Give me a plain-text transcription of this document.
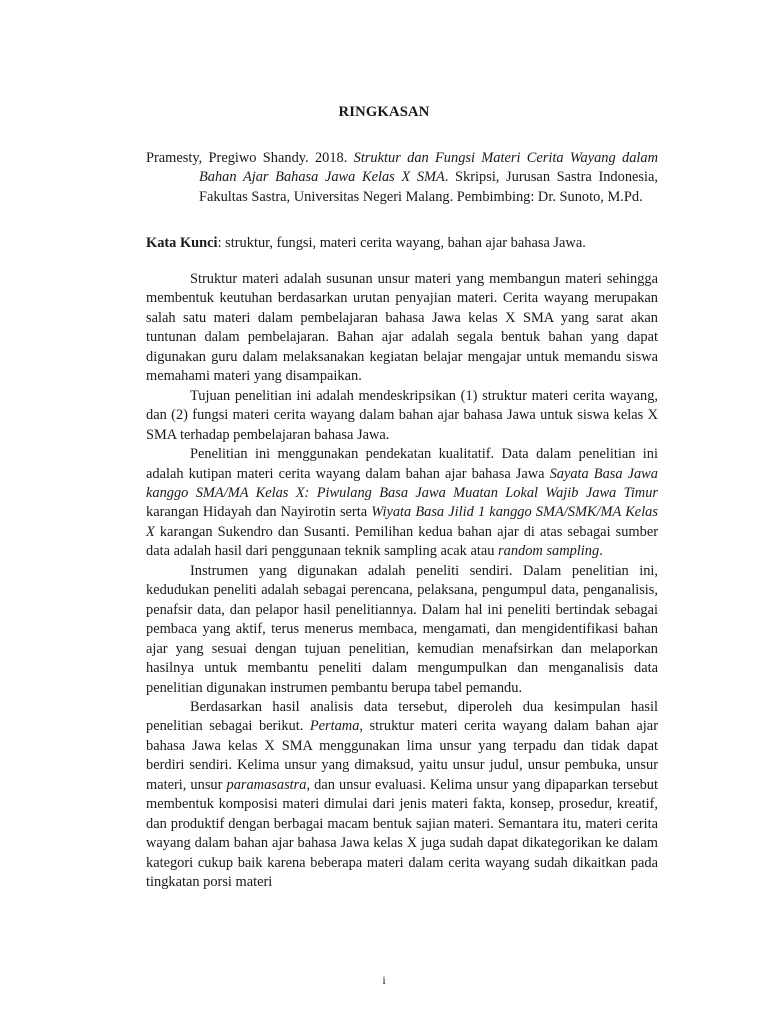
RINGKASAN
Pramesty, Pregiwo Shandy. 2018. Struktur dan Fungsi Materi Cerita Wayang dalam Bahan Ajar Bahasa Jawa Kelas X SMA. Skripsi, Jurusan Sastra Indonesia, Fakultas Sastra, Universitas Negeri Malang. Pembimbing: Dr. Sunoto, M.Pd.
Kata Kunci: struktur, fungsi, materi cerita wayang, bahan ajar bahasa Jawa.

Struktur materi adalah susunan unsur materi yang membangun materi sehingga membentuk keutuhan berdasarkan urutan penyajian materi. Cerita wayang merupakan salah satu materi dalam pembelajaran bahasa Jawa kelas X SMA yang sarat akan tuntunan dalam pembelajaran. Bahan ajar adalah segala bentuk bahan yang dapat digunakan guru dalam melaksanakan kegiatan belajar mengajar untuk memandu siswa memahami materi yang disampaikan.

Tujuan penelitian ini adalah mendeskripsikan (1) struktur materi cerita wayang, dan (2) fungsi materi cerita wayang dalam bahan ajar bahasa Jawa untuk siswa kelas X SMA terhadap pembelajaran bahasa Jawa.

Penelitian ini menggunakan pendekatan kualitatif. Data dalam penelitian ini adalah kutipan materi cerita wayang dalam bahan ajar bahasa Jawa Sayata Basa Jawa kanggo SMA/MA Kelas X: Piwulang Basa Jawa Muatan Lokal Wajib Jawa Timur karangan Hidayah dan Nayirotin serta Wiyata Basa Jilid 1 kanggo SMA/SMK/MA Kelas X karangan Sukendro dan Susanti. Pemilihan kedua bahan ajar di atas sebagai sumber data adalah hasil dari penggunaan teknik sampling acak atau random sampling.

Instrumen yang digunakan adalah peneliti sendiri. Dalam penelitian ini, kedudukan peneliti adalah sebagai perencana, pelaksana, pengumpul data, penganalisis, penafsir data, dan pelapor hasil penelitiannya. Dalam hal ini peneliti bertindak sebagai pembaca yang aktif, terus menerus membaca, mengamati, dan mengidentifikasi bahan ajar yang sesuai dengan tujuan penelitian, kemudian menafsirkan dan melaporkan hasilnya untuk membantu peneliti dalam mengumpulkan dan menganalisis data penelitian digunakan instrumen pembantu berupa tabel pemandu.

Berdasarkan hasil analisis data tersebut, diperoleh dua kesimpulan hasil penelitian sebagai berikut. Pertama, struktur materi cerita wayang dalam bahan ajar bahasa Jawa kelas X SMA menggunakan lima unsur yang terpadu dan tidak dapat berdiri sendiri. Kelima unsur yang dimaksud, yaitu unsur judul, unsur pembuka, unsur materi, unsur paramasastra, dan unsur evaluasi. Kelima unsur yang dipaparkan tersebut membentuk komposisi materi dimulai dari jenis materi fakta, konsep, prosedur, kreatif, dan produktif dengan berbagai macam bentuk sajian materi. Semantara itu, materi cerita wayang dalam bahan ajar bahasa Jawa kelas X juga sudah dapat dikategorikan ke dalam kategori cukup baik karena beberapa materi dalam cerita wayang sudah dikaitkan pada tingkatan porsi materi

i
